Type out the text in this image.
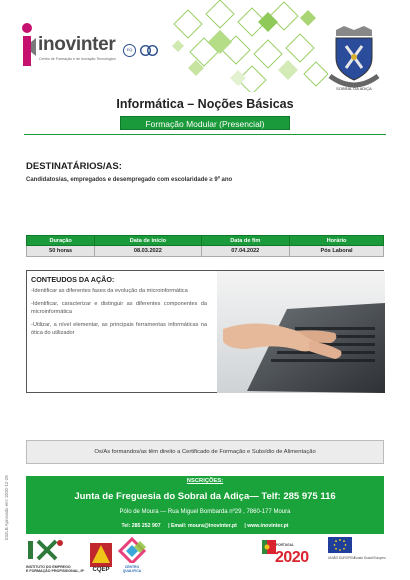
inovinter
Centro de Formação e de Inovação Tecnológica
EQ
SOBRAL DA ADIÇA
Informática – Noções Básicas
Formação Modular (Presencial)
DESTINATÁRIOS/AS:
Candidatos/as, empregados e desempregado com escolaridade ≥ 9º ano
Duração	Data de início	Data de fim	Horário
50 horas	08.03.2022	07.04.2022	Pós Laboral
CONTEUDOS DA AÇÃO:
-Identificar as diferentes fases da evolução da microinformática
-Identificar, caracterizar e distinguir as diferentes componentes da microinformática
-Utilizar, a nível elementar, as principais ferramentas informáticas na ótica do utilizador
Os/As formandos/as têm direito a Certificado de Formação e Subsídio de Alimentação
NSCRIÇÕES:
Junta de Freguesia do Sobral da Adiça— Telf: 285 975 116
Pólo de Moura — Rua Miguel Bombarda nº29 , 7860-177 Moura
Tel: 285 252 907 | Email: moura@inovinter.pt | www.inovinter.pt
032LB Aprovado em: 2020-12-28
INSTITUTO DO EMPREGO
E FORMAÇÃO PROFISSIONAL, IP CQEP	CENTRO
QUALIFICA
PORTUGAL
2020	UNIÃO EUROPEIA
Fundo Social Europeu
